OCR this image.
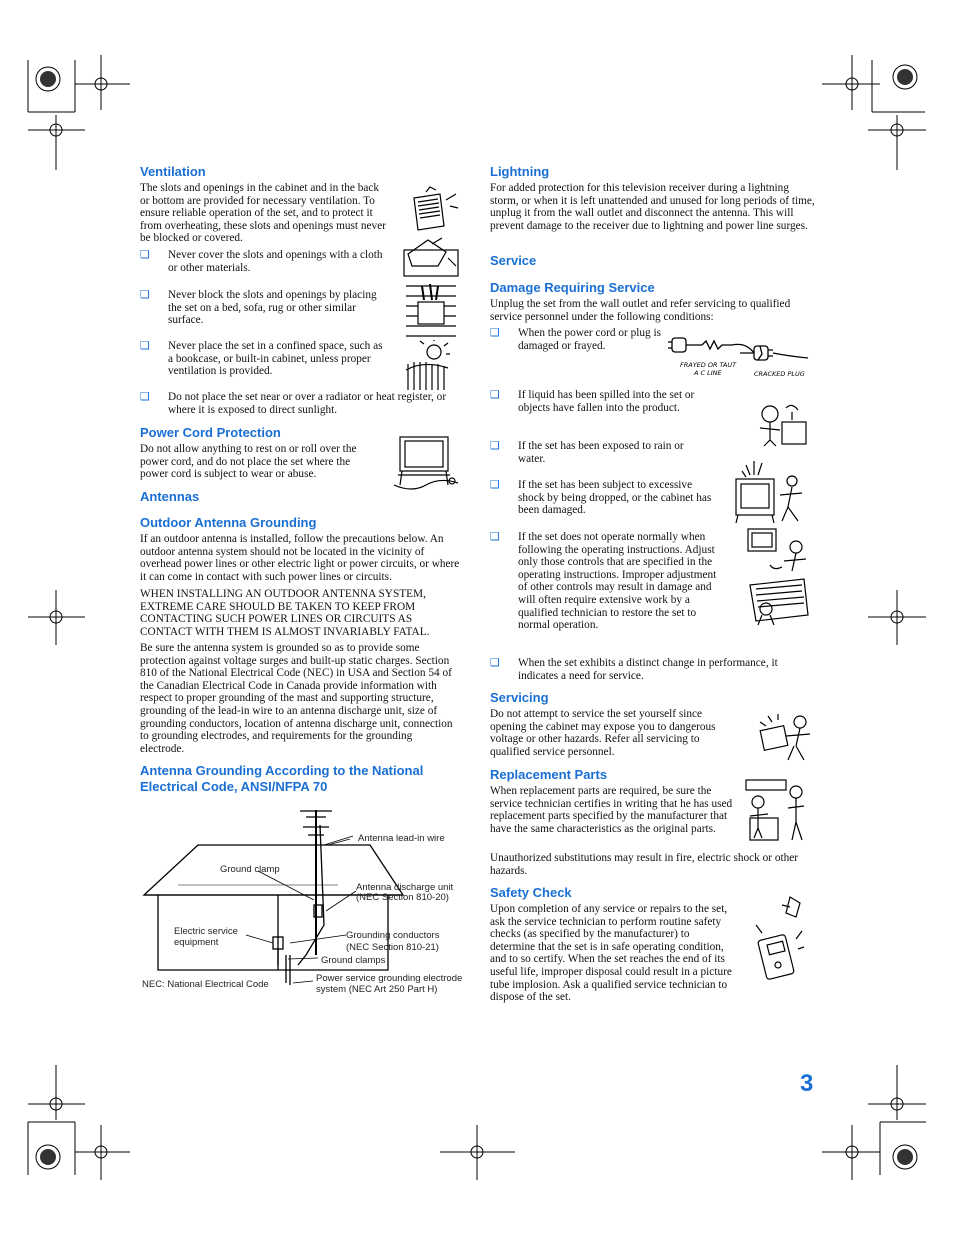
Ventilation

The slots and openings in the cabinet and in the back or bottom are provided for necessary ventilation. To ensure reliable operation of the set, and to protect it from overheating, these slots and openings must never be blocked or covered.

❑ Never cover the slots and openings with a cloth or other materials.

❑ Never block the slots and openings by placing the set on a bed, sofa, rug or other similar surface.

❑ Never place the set in a confined space, such as a bookcase, or built-in cabinet, unless proper ventilation is provided.

❑ Do not place the set near or over a radiator or heat register, or where it is exposed to direct sunlight.

Power Cord Protection

Do not allow anything to rest on or roll over the power cord, and do not place the set where the power cord is subject to wear or abuse.

Antennas
Outdoor Antenna Grounding

If an outdoor antenna is installed, follow the precautions below. An outdoor antenna system should not be located in the vicinity of overhead power lines or other electric light or power circuits, or where it can come in contact with such power lines or circuits.

WHEN INSTALLING AN OUTDOOR ANTENNA SYSTEM, EXTREME CARE SHOULD BE TAKEN TO KEEP FROM CONTACTING SUCH POWER LINES OR CIRCUITS AS CONTACT WITH THEM IS ALMOST INVARIABLY FATAL.

Be sure the antenna system is grounded so as to provide some protection against voltage surges and built-up static charges. Section 810 of the National Electrical Code (NEC) in USA and Section 54 of the Canadian Electrical Code in Canada provide information with respect to proper grounding of the mast and supporting structure, grounding of the lead-in wire to an antenna discharge unit, size of grounding conductors, location of antenna discharge unit, connection to grounding electrodes, and requirements for the grounding electrode.

Antenna Grounding According to the National
Electrical Code, ANSI/NFPA 70
Antenna lead-in wire
Ground clamp
Antenna discharge unit
(NEC Section 810-20)
Electric service
equipment
Grounding conductors
(NEC Section 810-21)
Ground clamps
NEC: National Electrical Code
Power service grounding electrode
system (NEC Art 250 Part H)
Lightning

For added protection for this television receiver during a lightning storm, or when it is left unattended and unused for long periods of time, unplug it from the wall outlet and disconnect the antenna. This will prevent damage to the receiver due to lightning and power line surges.

Service
Damage Requiring Service

Unplug the set from the wall outlet and refer servicing to qualified service personnel under the following conditions:

❑ When the power cord or plug is damaged or frayed.

FRAYED OR TAUT
A C LINE	CRACKED PLUG
❑ If liquid has been spilled into the set or objects have fallen into the product.

❑ If the set has been exposed to rain or water.

❑ If the set has been subject to excessive shock by being dropped, or the cabinet has been damaged.

❑ If the set does not operate normally when following the operating instructions. Adjust only those controls that are specified in the operating instructions. Improper adjustment of other controls may result in damage and will often require extensive work by a qualified technician to restore the set to normal operation.

❑ When the set exhibits a distinct change in performance, it indicates a need for service.

Servicing

Do not attempt to service the set yourself since opening the cabinet may expose you to dangerous voltage or other hazards. Refer all servicing to qualified service personnel.

Replacement Parts

When replacement parts are required, be sure the service technician certifies in writing that he has used replacement parts specified by the manufacturer that have the same characteristics as the original parts.

Unauthorized substitutions may result in fire, electric shock or other hazards.

Safety Check

Upon completion of any service or repairs to the set, ask the service technician to perform routine safety checks (as specified by the manufacturer) to determine that the set is in safe operating condition, and to so certify. When the set reaches the end of its useful life, improper disposal could result in a picture tube implosion. Ask a qualified service technician to dispose of the set.

3
